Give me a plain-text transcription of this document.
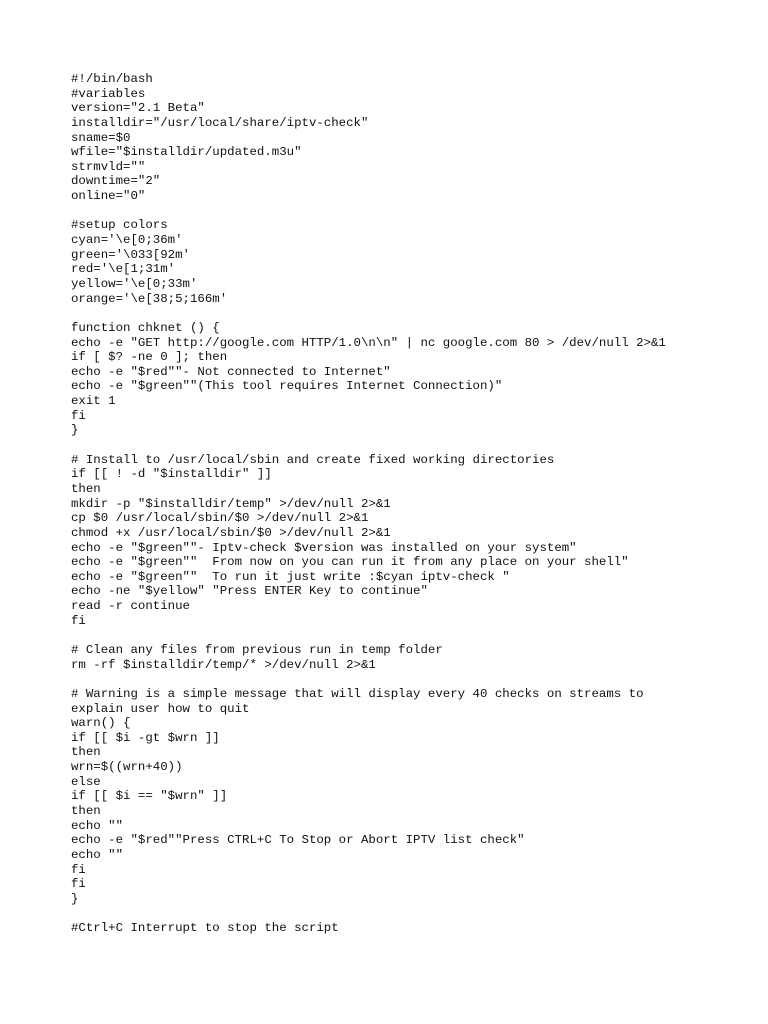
#!/bin/bash
#variables
version="2.1 Beta"
installdir="/usr/local/share/iptv-check"
sname=$0
wfile="$installdir/updated.m3u"
strmvld=""
downtime="2"
online="0"
#setup colors
cyan='\e[0;36m'
green='\033[92m'
red='\e[1;31m'
yellow='\e[0;33m'
orange='\e[38;5;166m'
function chknet () {
echo -e "GET http://google.com HTTP/1.0\n\n" | nc google.com 80 > /dev/null 2>&1
if [ $? -ne 0 ]; then
echo -e "$red""- Not connected to Internet"
echo -e "$green""(This tool requires Internet Connection)"
exit 1
fi
}
# Install to /usr/local/sbin and create fixed working directories
if [[ ! -d "$installdir" ]]
then
mkdir -p "$installdir/temp" >/dev/null 2>&1
cp $0 /usr/local/sbin/$0 >/dev/null 2>&1
chmod +x /usr/local/sbin/$0 >/dev/null 2>&1
echo -e "$green""- Iptv-check $version was installed on your system"
echo -e "$green""  From now on you can run it from any place on your shell"
echo -e "$green""  To run it just write :$cyan iptv-check "
echo -ne "$yellow" "Press ENTER Key to continue"
read -r continue
fi
# Clean any files from previous run in temp folder
rm -rf $installdir/temp/* >/dev/null 2>&1
# Warning is a simple message that will display every 40 checks on streams to
explain user how to quit
warn() {
if [[ $i -gt $wrn ]]
then
wrn=$((wrn+40))
else
if [[ $i == "$wrn" ]]
then
echo ""
echo -e "$red""Press CTRL+C To Stop or Abort IPTV list check"
echo ""
fi
fi
}
#Ctrl+C Interrupt to stop the script
